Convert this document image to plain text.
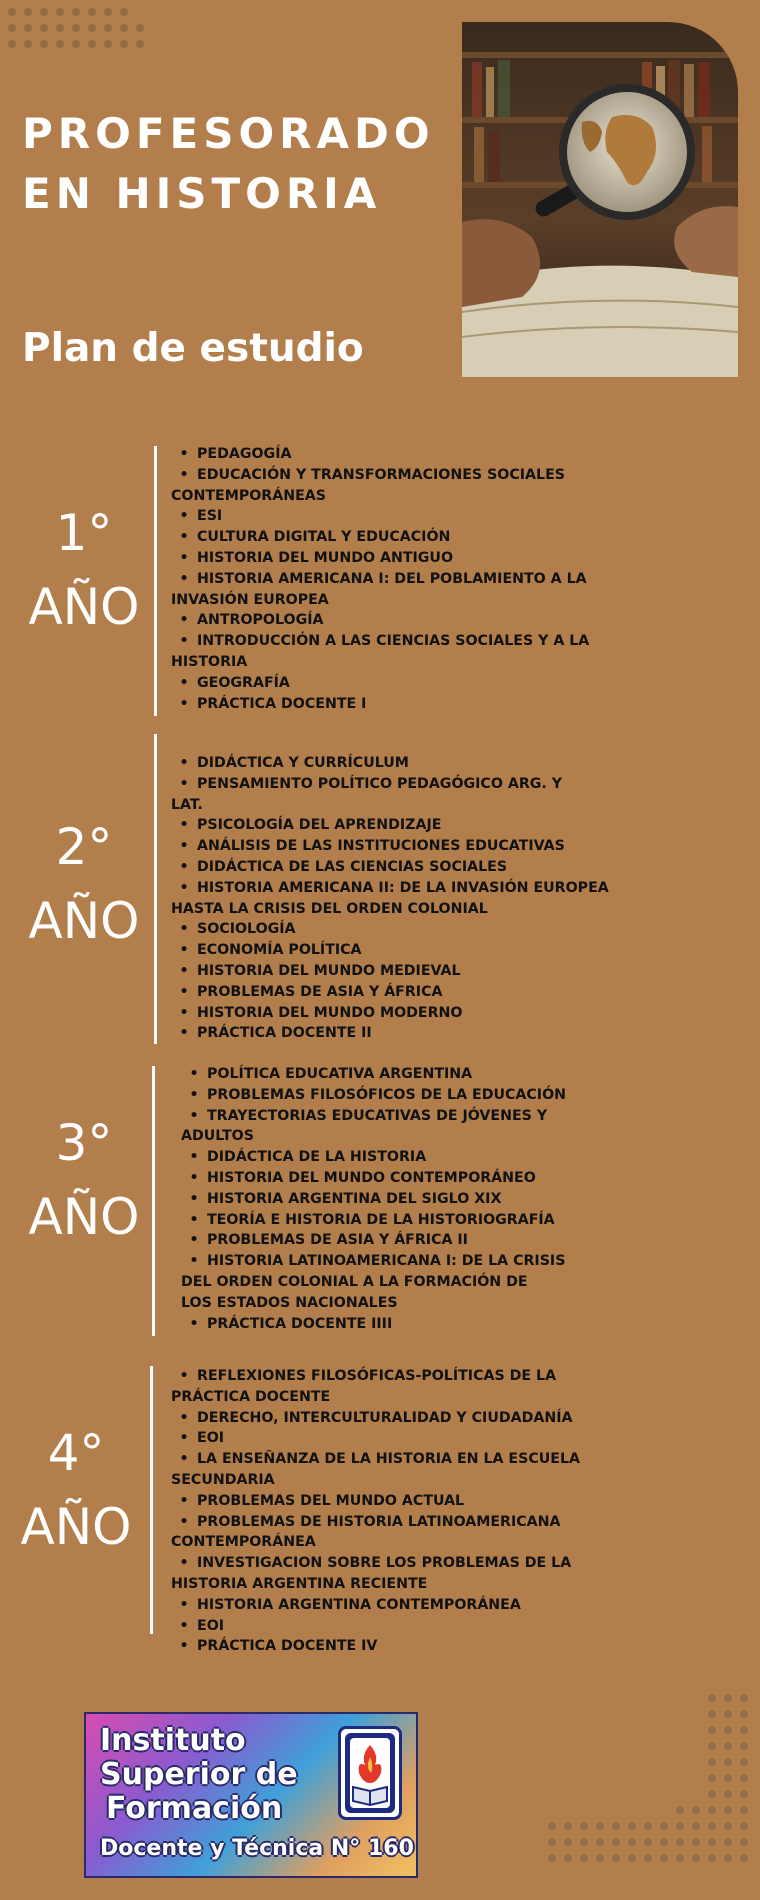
PROFESORADO
EN HISTORIA
Plan de estudio
1°
AÑO
• PEDAGOGÍA
• EDUCACIÓN Y TRANSFORMACIONES SOCIALES
CONTEMPORÁNEAS
• ESI
• CULTURA DIGITAL Y EDUCACIÓN
• HISTORIA DEL MUNDO ANTIGUO
• HISTORIA AMERICANA I: DEL POBLAMIENTO A LA
INVASIÓN EUROPEA
• ANTROPOLOGÍA
• INTRODUCCIÓN A LAS CIENCIAS SOCIALES Y A LA
HISTORIA
• GEOGRAFÍA
• PRÁCTICA DOCENTE I
2°
AÑO
• DIDÁCTICA Y CURRÍCULUM
• PENSAMIENTO POLÍTICO PEDAGÓGICO ARG. Y
LAT.
• PSICOLOGÍA DEL APRENDIZAJE
• ANÁLISIS DE LAS INSTITUCIONES EDUCATIVAS
• DIDÁCTICA DE LAS CIENCIAS SOCIALES
• HISTORIA AMERICANA II: DE LA INVASIÓN EUROPEA
HASTA LA CRISIS DEL ORDEN COLONIAL
• SOCIOLOGÍA
• ECONOMÍA POLÍTICA
• HISTORIA DEL MUNDO MEDIEVAL
• PROBLEMAS DE ASIA Y ÁFRICA
• HISTORIA DEL MUNDO MODERNO
• PRÁCTICA DOCENTE II
3°
AÑO
• POLÍTICA EDUCATIVA ARGENTINA
• PROBLEMAS FILOSÓFICOS DE LA EDUCACIÓN
• TRAYECTORIAS EDUCATIVAS DE JÓVENES Y
ADULTOS
• DIDÁCTICA DE LA HISTORIA
• HISTORIA DEL MUNDO CONTEMPORÁNEO
• HISTORIA ARGENTINA DEL SIGLO XIX
• TEORÍA E HISTORIA DE LA HISTORIOGRAFÍA
• PROBLEMAS DE ASIA Y ÁFRICA II
• HISTORIA LATINOAMERICANA I: DE LA CRISIS
DEL ORDEN COLONIAL A LA FORMACIÓN DE
LOS ESTADOS NACIONALES
• PRÁCTICA DOCENTE IIII
4°
AÑO
• REFLEXIONES FILOSÓFICAS-POLÍTICAS DE LA
PRÁCTICA DOCENTE
• DERECHO, INTERCULTURALIDAD Y CIUDADANÍA
• EOI
• LA ENSEÑANZA DE LA HISTORIA EN LA ESCUELA
SECUNDARIA
• PROBLEMAS DEL MUNDO ACTUAL
• PROBLEMAS DE HISTORIA LATINOAMERICANA
CONTEMPORÁNEA
• INVESTIGACION SOBRE LOS PROBLEMAS DE LA
HISTORIA ARGENTINA RECIENTE
• HISTORIA ARGENTINA CONTEMPORÁNEA
• EOI
• PRÁCTICA DOCENTE IV
Instituto
Superior de
Formación
Docente y Técnica N° 160
